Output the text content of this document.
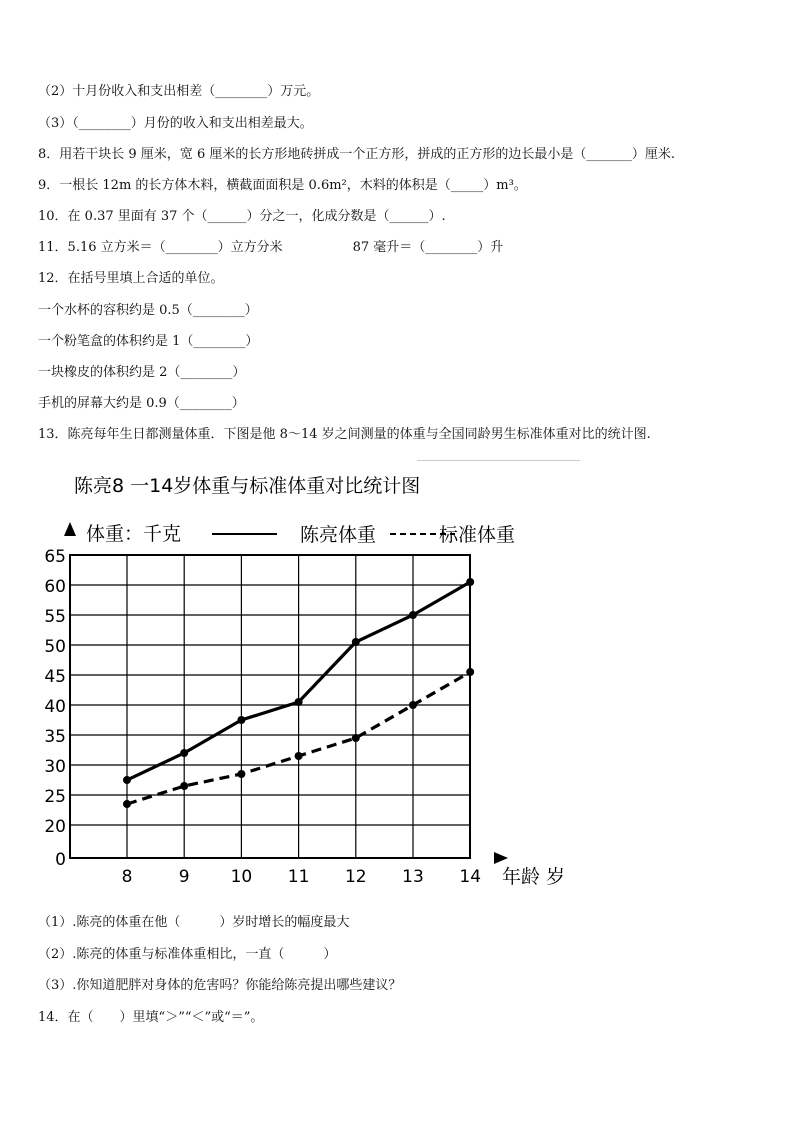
（2）十月份收入和支出相差（________）万元。
（3）（________）月份的收入和支出相差最大。
8．用若干块长 9 厘米，宽 6 厘米的长方形地砖拼成一个正方形，拼成的正方形的边长最小是（_______）厘米.
9．一根长 12m 的长方体木料，横截面面积是 0.6m²，木料的体积是（_____）m³。
10．在 0.37 里面有 37 个（______）分之一，化成分数是（______）.
11．5.16 立方米＝（________）立方分米	87 毫升＝（________）升
12．在括号里填上合适的单位。
一个水杯的容积约是 0.5（________）
一个粉笔盒的体积约是 1（________）
一块橡皮的体积约是 2（________）
手机的屏幕大约是 0.9（________）
13．陈亮每年生日都测量体重．下图是他 8～14 岁之间测量的体重与全国同龄男生标准体重对比的统计图.
陈亮8 一14岁体重与标准体重对比统计图
0
20
25
30
35
40
45
50
55
60
65
8	9 10 11 12 13 14
体重：千克
年龄 岁
陈亮体重	标准体重
（1）.陈亮的体重在他（　　　）岁时增长的幅度最大
（2）.陈亮的体重与标准体重相比，一直（　　　）
（3）.你知道肥胖对身体的危害吗？你能给陈亮提出哪些建议？
14．在（　　）里填“＞”“＜”或“＝”。
